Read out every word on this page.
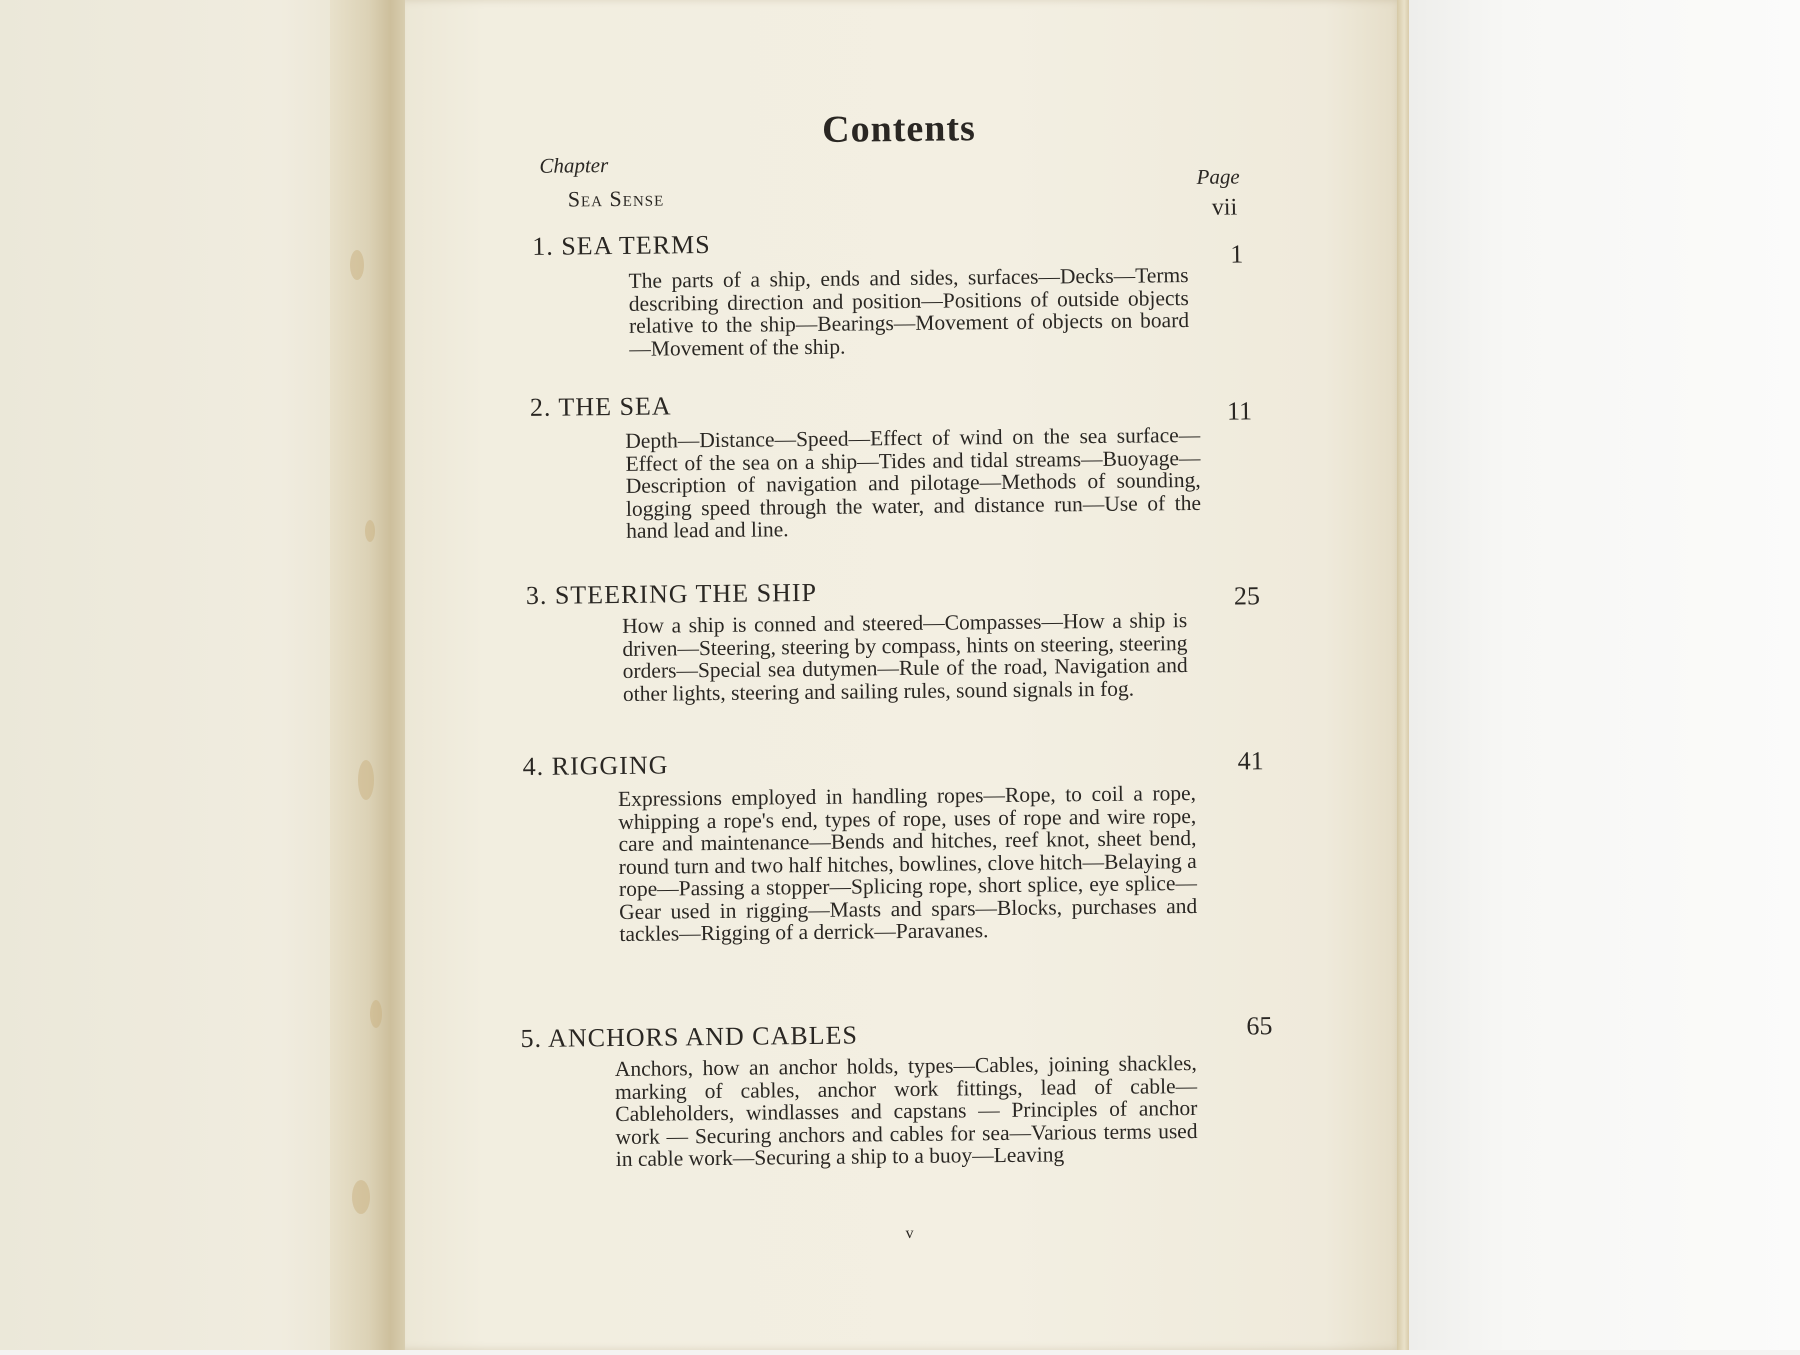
Contents
Chapter	Page
Sea Sense	vii
1. SEA TERMS	1
The parts of a ship, ends and sides, surfaces—Decks—Terms describing direction and position—Positions of outside objects relative to the ship—Bearings—Movement of objects on board—Movement of the ship.
2. THE SEA	11
Depth—Distance—Speed—Effect of wind on the sea surface—Effect of the sea on a ship—Tides and tidal streams—Buoyage—Description of navigation and pilotage—Methods of sounding, logging speed through the water, and distance run—Use of the hand lead and line.
3. STEERING THE SHIP	25
How a ship is conned and steered—Compasses—How a ship is driven—Steering, steering by compass, hints on steering, steering orders—Special sea dutymen—Rule of the road, Navigation and other lights, steering and sailing rules, sound signals in fog.
4. RIGGING	41
Expressions employed in handling ropes—Rope, to coil a rope, whipping a rope's end, types of rope, uses of rope and wire rope, care and maintenance—Bends and hitches, reef knot, sheet bend, round turn and two half hitches, bowlines, clove hitch—Belaying a rope—Passing a stopper—Splicing rope, short splice, eye splice—Gear used in rigging—Masts and spars—Blocks, purchases and tackles—Rigging of a derrick—Paravanes.
5. ANCHORS AND CABLES	65
Anchors, how an anchor holds, types—Cables, joining shackles, marking of cables, anchor work fittings, lead of cable—Cableholders, windlasses and capstans — Principles of anchor work — Securing anchors and cables for sea—Various terms used in cable work—Securing a ship to a buoy—Leaving
v
